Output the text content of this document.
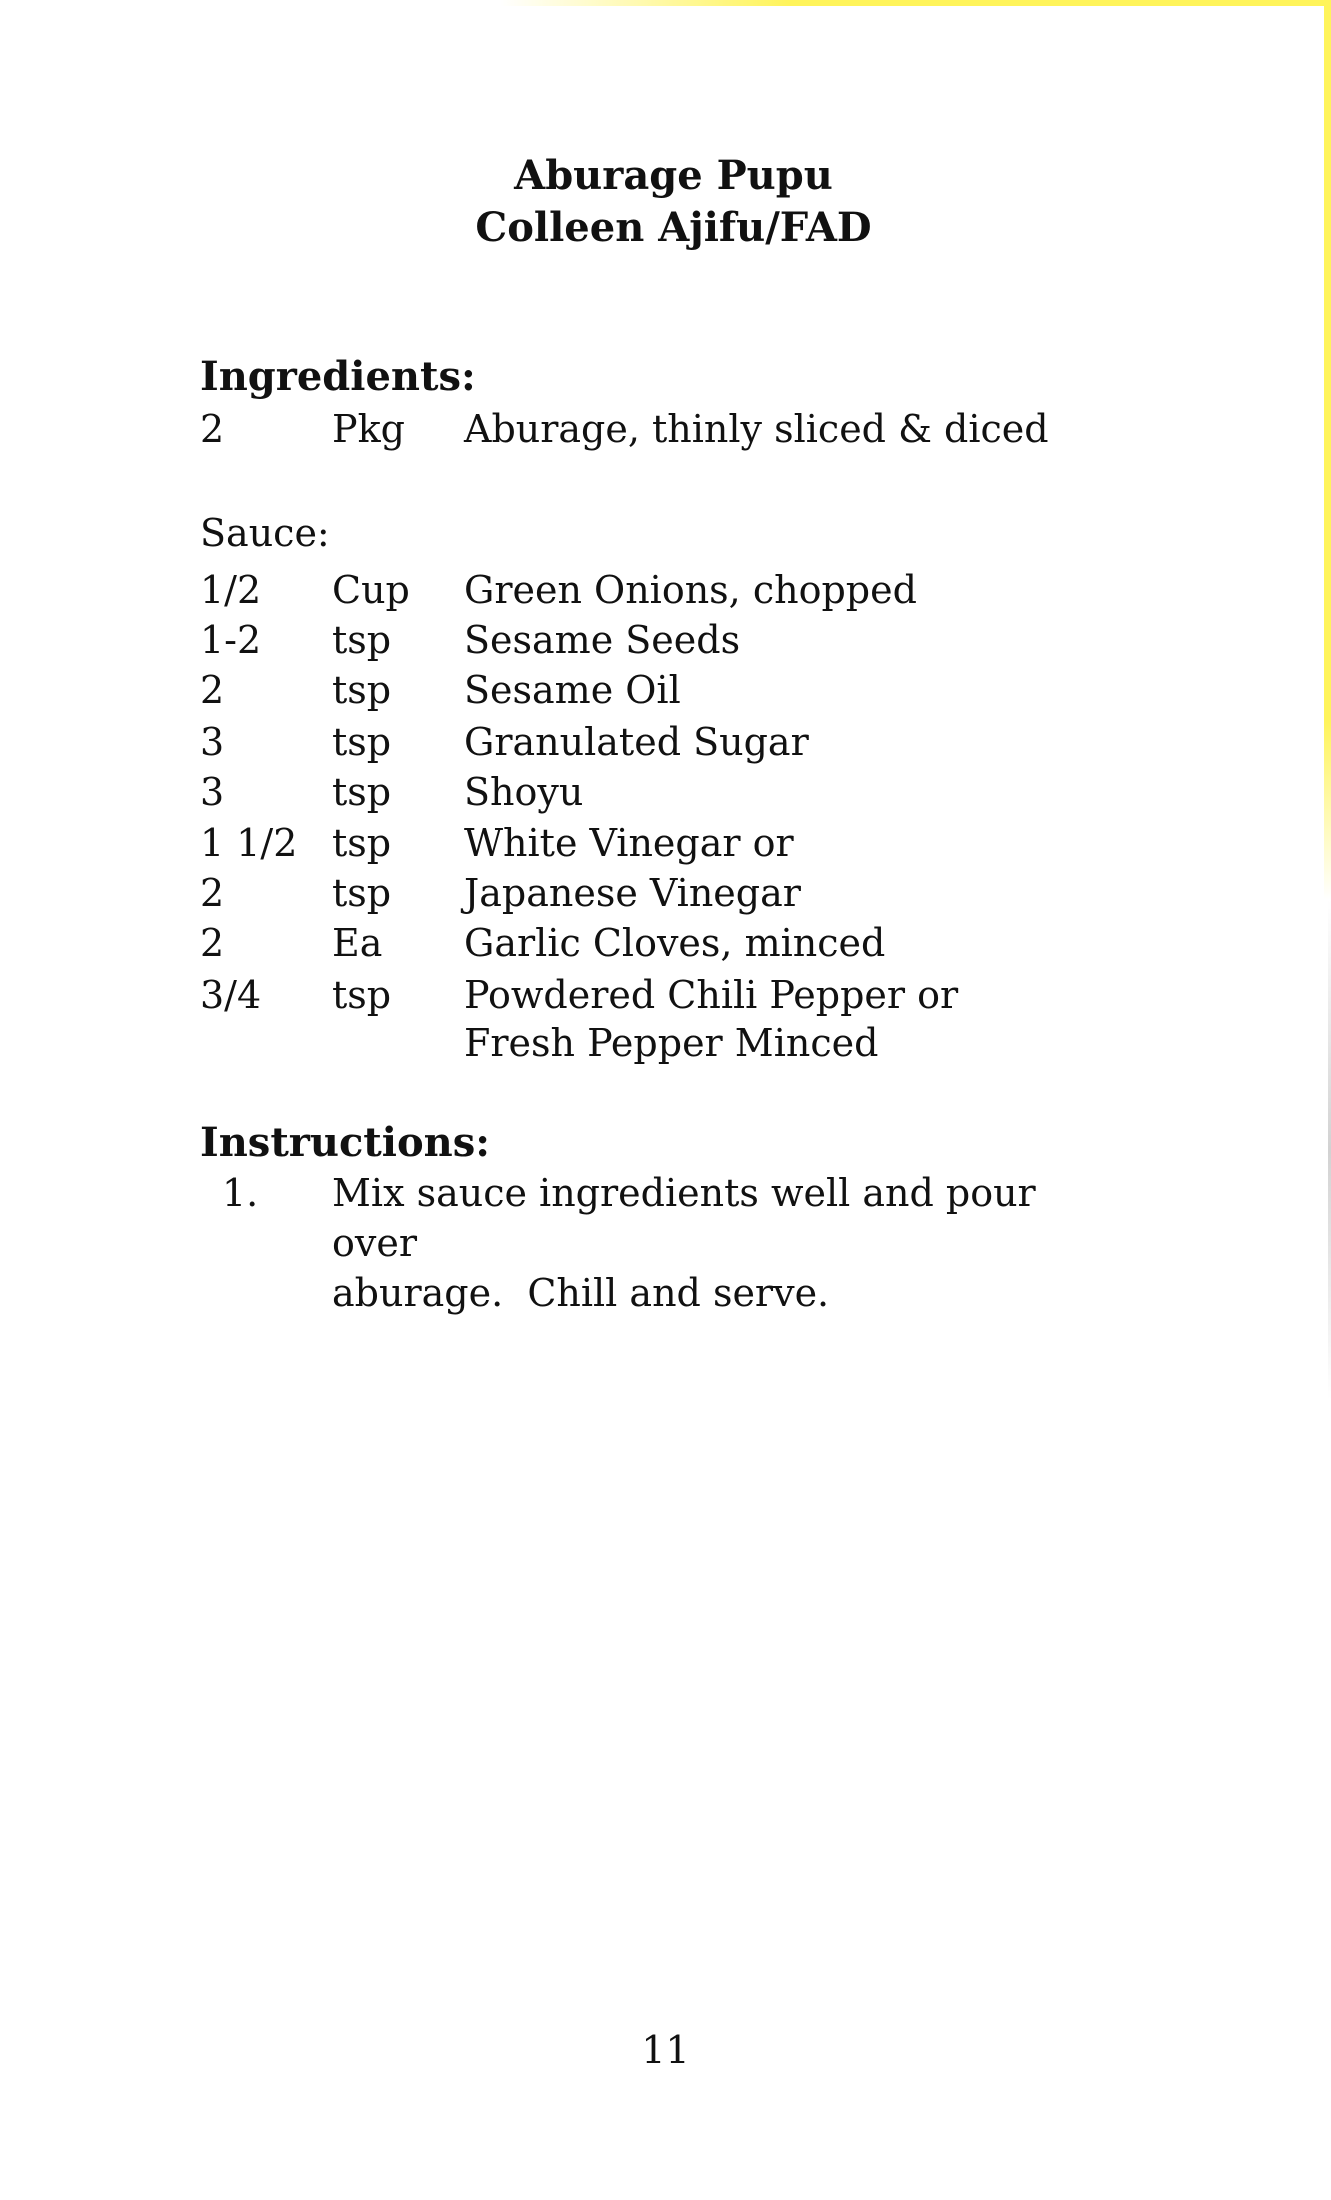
Aburage Pupu
Colleen Ajifu/FAD
Ingredients:
2	Pkg Aburage, thinly sliced & diced
Sauce:
1/2 Cup Green Onions, chopped
1-2 tsp Sesame Seeds
2	tsp Sesame Oil
3	tsp Granulated Sugar
3	tsp Shoyu
1 1/2 tsp White Vinegar or
2	tsp Japanese Vinegar
2	Ea Garlic Cloves, minced
3/4 tsp Powdered Chili Pepper or
Fresh Pepper Minced
Instructions:
1. Mix sauce ingredients well and pour over
aburage.  Chill and serve.
11
